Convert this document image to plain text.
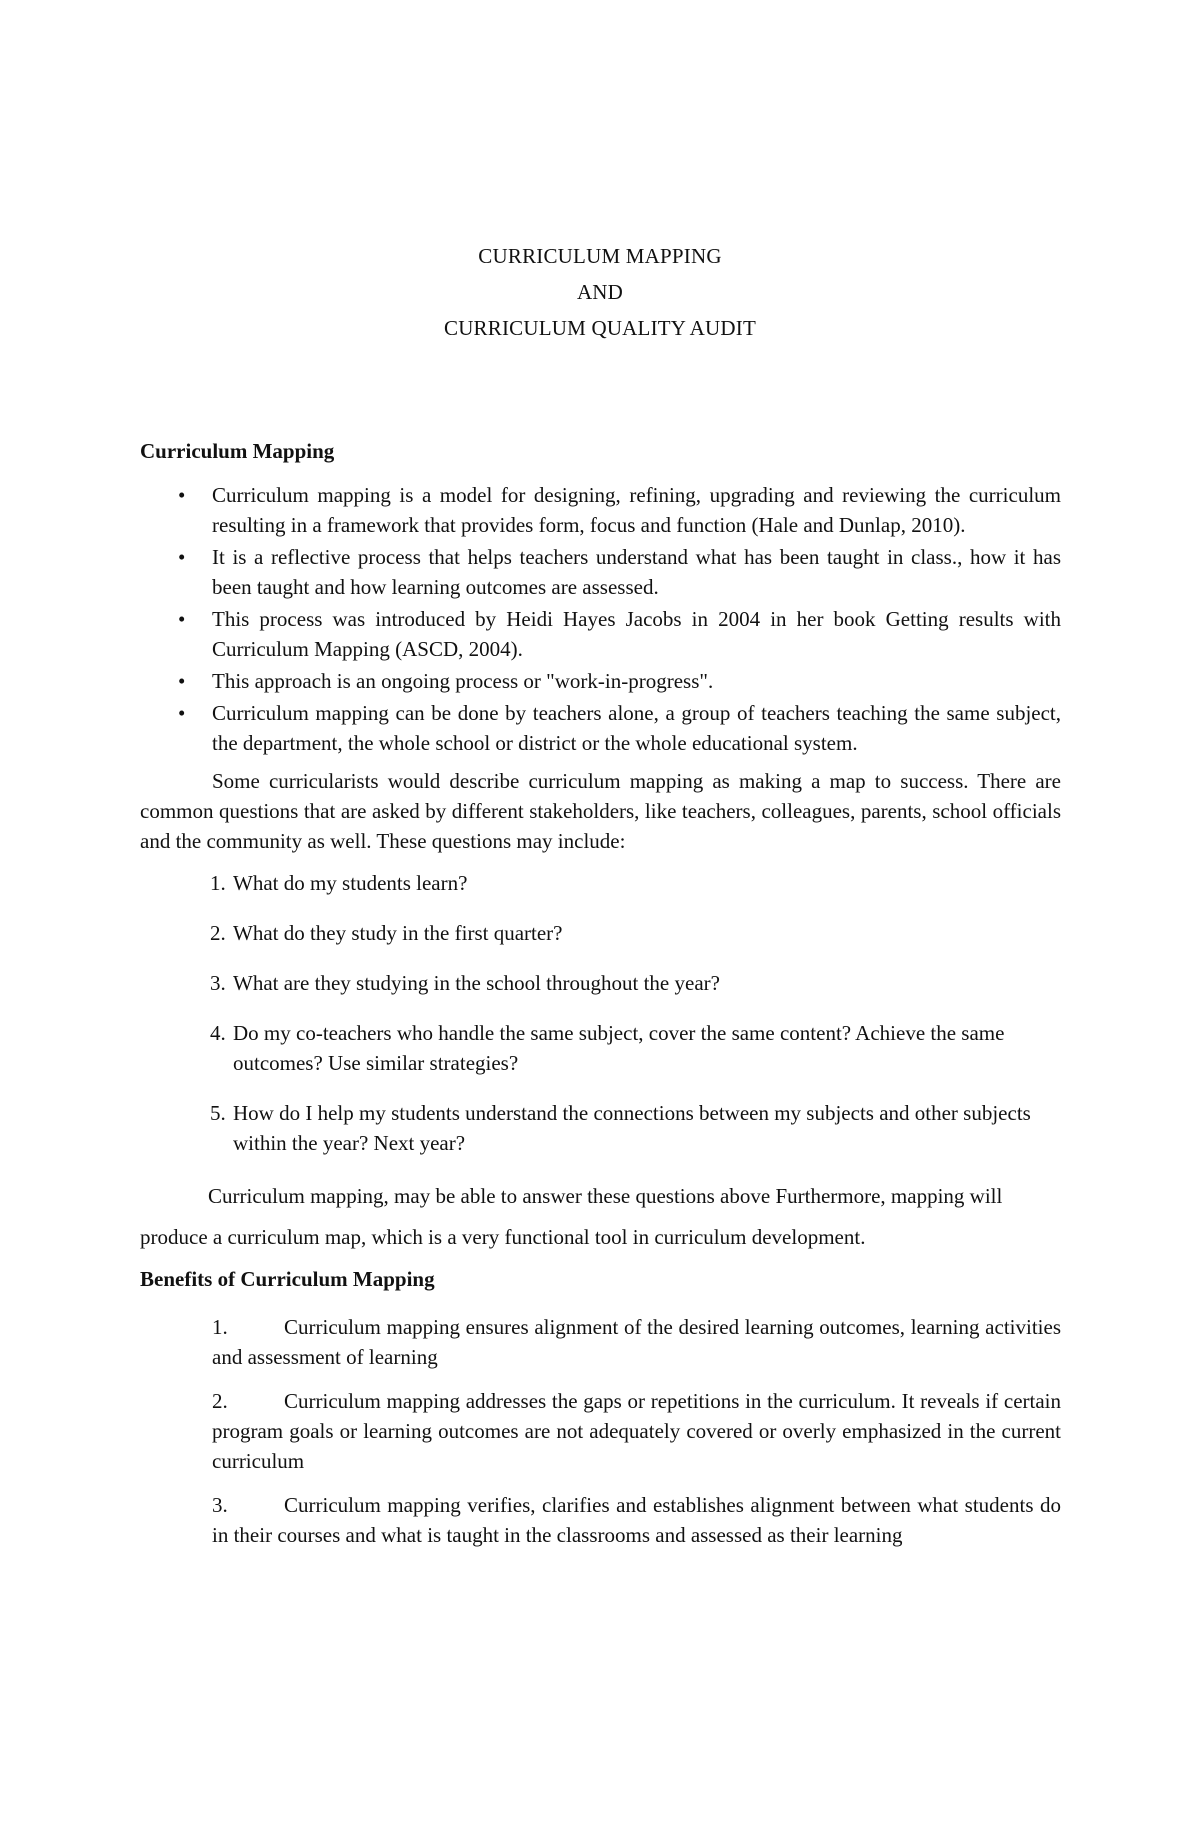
CURRICULUM MAPPING
AND
CURRICULUM QUALITY AUDIT
Curriculum Mapping
• Curriculum mapping is a model for designing, refining, upgrading and reviewing the curriculum resulting in a framework that provides form, focus and function (Hale and Dunlap, 2010).
• It is a reflective process that helps teachers understand what has been taught in class., how it has been taught and how learning outcomes are assessed.
• This process was introduced by Heidi Hayes Jacobs in 2004 in her book Getting results with Curriculum Mapping (ASCD, 2004).
• This approach is an ongoing process or "work-in-progress".
• Curriculum mapping can be done by teachers alone, a group of teachers teaching the same subject, the department, the whole school or district or the whole educational system.

Some curricularists would describe curriculum mapping as making a map to success. There are common questions that are asked by different stakeholders, like teachers, colleagues, parents, school officials and the community as well. These questions may include:

1. What do my students learn?
2. What do they study in the first quarter?
3. What are they studying in the school throughout the year?
4. Do my co-teachers who handle the same subject, cover the same content? Achieve the same outcomes? Use similar strategies?
5. How do I help my students understand the connections between my subjects and other subjects within the year? Next year?

Curriculum mapping, may be able to answer these questions above Furthermore, mapping will produce a curriculum map, which is a very functional tool in curriculum development.

Benefits of Curriculum Mapping
1.	Curriculum mapping ensures alignment of the desired learning outcomes, learning activities and assessment of learning
2.	Curriculum mapping addresses the gaps or repetitions in the curriculum. It reveals if certain program goals or learning outcomes are not adequately covered or overly emphasized in the current curriculum
3.	Curriculum mapping verifies, clarifies and establishes alignment between what students do in their courses and what is taught in the classrooms and assessed as their learning
